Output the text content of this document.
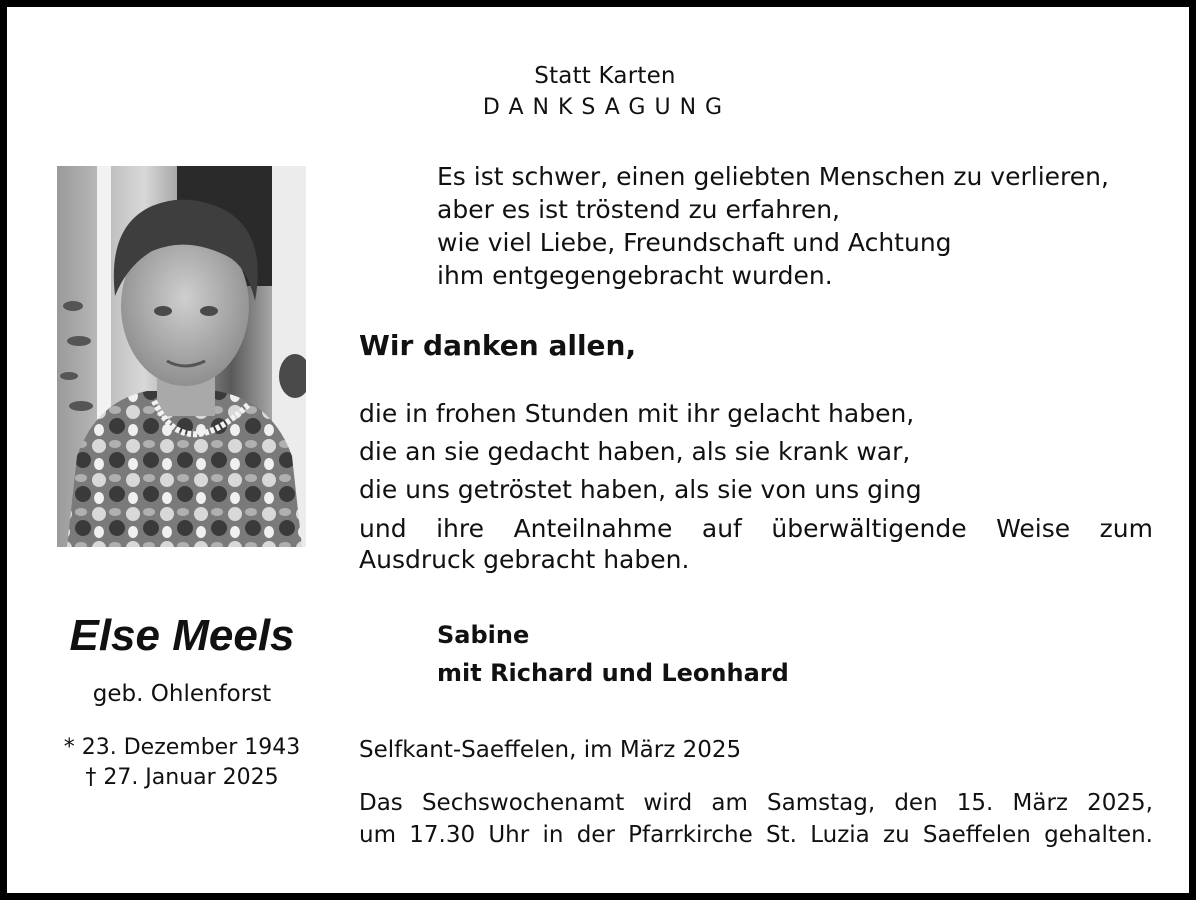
Statt Karten
DANKSAGUNG
Es ist schwer, einen geliebten Menschen zu verlieren,
aber es ist tröstend zu erfahren,
wie viel Liebe, Freundschaft und Achtung
ihm entgegengebracht wurden.
Wir danken allen,
die in frohen Stunden mit ihr gelacht haben,
die an sie gedacht haben, als sie krank war,
die uns getröstet haben, als sie von uns ging
und ihre Anteilnahme auf überwältigende Weise zum
Ausdruck gebracht haben.
Else Meels
geb. Ohlenforst
* 23. Dezember 1943
† 27. Januar 2025
Sabine
mit Richard und Leonhard
Selfkant-Saeffelen, im März 2025
Das Sechswochenamt wird am Samstag, den 15. März 2025,
um 17.30 Uhr in der Pfarrkirche St. Luzia zu Saeffelen gehalten.
